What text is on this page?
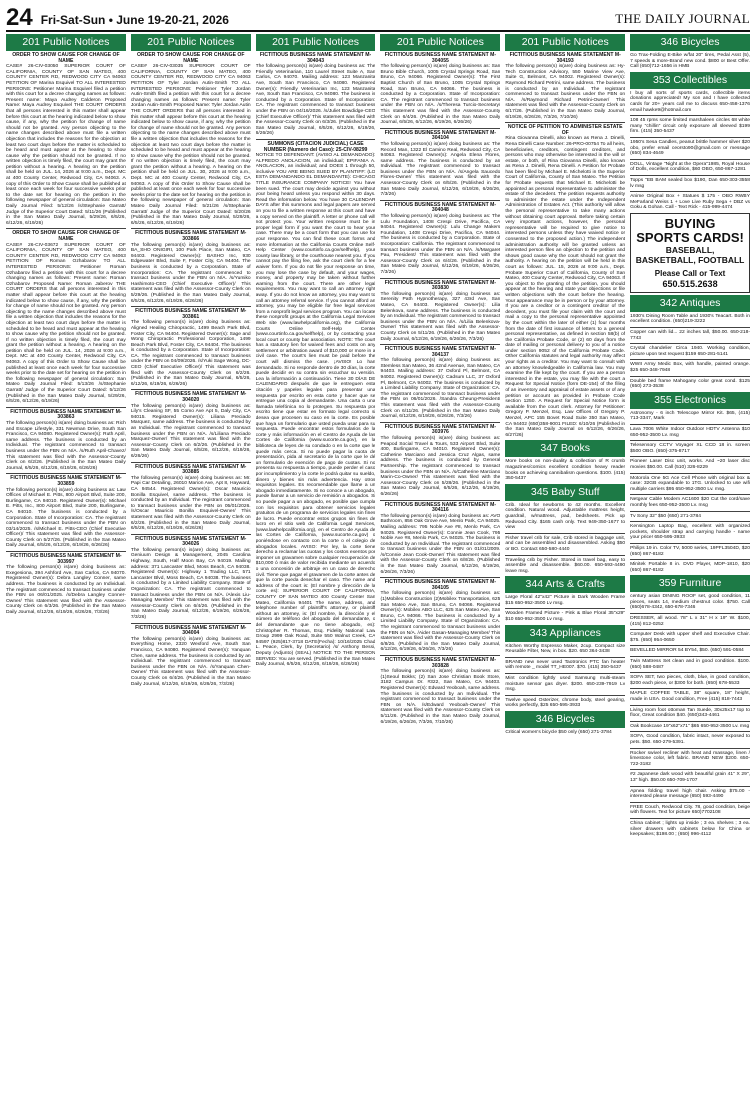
24 Fri-Sat-Sun • June 19-20-21, 2026	THE DAILY JOURNAL
201 Public Notices
ORDER TO SHOW CAUSE FOR CHANGE OF NAME
CASE# 26-CIV-03050 SUPERIOR COURT OF CALIFORNIA, COUNTY OF SAN MATEO, 400 COUNTY CENTER RD, REDWOOD CITY CA 94063 PETITION OF Marina Esquivel TO ALL INTERESTED PERSONS: Petitioner Marina Esquivel filed a petition with this court for a decree changing names as follows: Present name: Maya Audrey Calderon Proposed Name: Maya Audrey Esquivel THE COURT ORDERS that all persons interested in this matter shall appear before this court at the hearing indicated below to show cause, if any, why the petition for change of name should not be granted. Any person objecting to the name changes described above must file a written objection that includes the reasons for the objection at least two court days before the matter is scheduled to be heard and must appear at the hearing to show cause why the petition should not be granted. If no written objection is timely filed, the court may grant the petition without a hearing. A hearing on the petition shall be held on JUL. 14, 2026 at 9:00 a.m., Dept. MC at 400 County Center, Redwood City, CA 94063. A copy of this Order to Show Cause shall be published at least once each week for four successive weeks prior to the date set for hearing on the petition in the following newspaper of general circulation: San Mateo Daily Journal Filed: 5/12/26 /s/Stephanie Garratt/ Judge of the Superior Court Dated: 5/11/26 (Published in the San Mateo Daily Journal, 5/29/26, 6/5/26, 6/12/26, 6/19/26)
ORDER TO SHOW CAUSE FOR CHANGE OF NAME
CASE# 26-CIV-03672 SUPERIOR COURT OF CALIFORNIA, COUNTY OF SAN MATEO, 400 COUNTY CENTER RD, REDWOOD CITY CA 94063 PETITION OF Roman Ozhabarov TO ALL INTERESTED PERSONS: Petitioner Roman Ozhabarov filed a petition with this court for a decree changing names as follows: Present name: Roman Ozhabarov Proposed Name: Roman Jaberov THE COURT ORDERS that all persons interested in this matter shall appear before this court at the hearing indicated below to show cause, if any, why the petition for change of name should not be granted. Any person objecting to the name changes described above must file a written objection that includes the reasons for the objection at least two court days before the matter is scheduled to be heard and must appear at the hearing to show cause why the petition should not be granted. If no written objection is timely filed, the court may grant the petition without a hearing. A hearing on the petition shall be held on JUL. 14, 2026 at 9:00 a.m., Dept. MC at 400 County Center, Redwood City, CA 94063. A copy of this Order to Show Cause shall be published at least once each week for four successive weeks prior to the date set for hearing on the petition in the following newspaper of general circulation: San Mateo Daily Journal Filed: 5/13/26 /s/Stephanie Garratt/ Judge of the Superior Court Dated: 5/12/26 (Published in the San Mateo Daily Journal, 5/29/26, 6/5/26, 6/12/26, 6/19/26)
FICTITIOUS BUSINESS NAME STATEMENT M-303863
The following person(s) is(are) doing business as: Rich and Escape Lifestyle, 331 Newman Drive, South San Francisco, CA 94080. Registered Owner(s): Ruth April, same address. The business is conducted by an Individual. The registrant commenced to transact business under the FBN on N/A. /s/Ruth April-Chavez/ This statement was filed with the Assessor-County Clerk on 6/2/26. (Published in the San Mateo Daily Journal, 6/5/26, 6/12/26, 6/19/26, 6/26/26)
FICTITIOUS BUSINESS NAME STATEMENT M-303859
The following person(s) is(are) doing business as: Law Offices of Michael E. Pitts, 800 Airport Blvd, Suite 200, Burlingame, CA 94010. Registered Owner(s): Michael E. Pitts, Inc., 800 Airport Blvd, Suite 200, Burlingame, CA 94010. The business is conducted by a Corporation. State of Incorporation: CA. The registrant commenced to transact business under the FBN on 03/14/2025. /s/Michael E. Pitts-CEO (Chief Executive Officer)/ This statement was filed with the Assessor-County Clerk on 5/27/26. (Published in the San Mateo Daily Journal, 6/5/26, 6/12/26, 6/19/26, 6/26/26)
FICTITIOUS BUSINESS NAME STATEMENT M-303997
The following person(s) is(are) doing business as: Exegesiona, 394 Ashford Ave, San Carlos, CA 94070. Registered Owner(s): Debra Langley Conner, same address. The business is conducted by an Individual. The registrant commenced to transact business under the FBN on 06/01/2025. /s/Debra Langley Conner-Owner/ This statement was filed with the Assessor-County Clerk on 6/3/26. (Published in the San Mateo Daily Journal, 6/12/26, 6/19/26, 6/26/26, 7/3/26)
201 Public Notices
ORDER TO SHOW CAUSE FOR CHANGE OF NAME
CASE# 26-CIV-03035 SUPERIOR COURT OF CALIFORNIA, COUNTY OF SAN MATEO, 400 COUNTY CENTER RD, REDWOOD CITY CA 94063 PETITION OF Tyler Jordan Autin-Smith TO ALL INTERESTED PERSONS: Petitioner Tyler Jordan Autin-Smith filed a petition with this court for a decree changing names as follows: Present name: Tyler Jordan Autin-Smith Proposed Name: Tyler Jordan Autin THE COURT ORDERS that all persons interested in this matter shall appear before this court at the hearing indicated below to show cause, if any, why the petition for change of name should not be granted. Any person objecting to the name changes described above must file a written objection that includes the reasons for the objection at least two court days before the matter is scheduled to be heard and must appear at the hearing to show cause why the petition should not be granted. If no written objection is timely filed, the court may grant the petition without a hearing. A hearing on the petition shall be held on JUL. 30, 2026 at 9:00 a.m., Dept. MC at 400 County Center, Redwood City, CA 94063. A copy of this Order to Show Cause shall be published at least once each week for four successive weeks prior to the date set for hearing on the petition in the following newspaper of general circulation: San Mateo Daily Journal Filed: 5/21/26 /s/Stephanie Garratt/ Judge of the Superior Court Dated: 5/20/26 (Published in the San Mateo Daily Journal, 5/29/26, 6/5/26, 6/12/26, 6/19/26)
FICTITIOUS BUSINESS NAME STATEMENT M-303866
The following person(s) is(are) doing business as: BA_SHO ONIGIRI, 100 Park Place, San Mateo, CA 94403. Registered Owner(s): BASHO Inc, 930 Edgewater Blvd, Suite F, Foster City, CA 94404. The business is conducted by a Corporation. State of Incorporation: CA. The registrant commenced to transact business under the FBN on N/A. /s/Yumiko Hashimoto-CEO (Chief Executive Officer)/ This statement was filed with the Assessor-County Clerk on 5/29/26. (Published in the San Mateo Daily Journal, 6/5/26, 6/12/26, 6/19/26, 6/26/26)
FICTITIOUS BUSINESS NAME STATEMENT M-303861
The following person(s) is(are) doing business as: Aligned Healing Chiropractic, 1499 Beach Park Blvd, Foster City, CA 94404. Registered Owner(s): Sage and Wong Chiropractic Professional Corporation, 1499 Beach Park Blvd, Foster City, CA 94404. The business is conducted by a Corporation. State of Incorporation: CA. The registrant commenced to transact business under the FBN on 04/09/2026. /s/Yuki Sage Wong, DC-CEO (Chief Executive Officer)/ This statement was filed with the Assessor-County Clerk on 6/2/26. (Published in the San Mateo Daily Journal, 6/5/26, 6/12/26, 6/19/26, 6/26/26)
FICTITIOUS BUSINESS NAME STATEMENT M-304020
The following person(s) is(are) doing business as: Lily's Cleaning SF, 55 Como Ave Apt 5, Daly City, CA 94015. Registered Owner(s): Liliana Preciado Marquez, same address. The business is conducted by an Individual. The registrant commenced to transact business under the FBN on N/A. /s/Liliana Preciado Marquez-Owner/ This statement was filed with the Assessor-County Clerk on 6/2/26. (Published in the San Mateo Daily Journal, 6/5/26, 6/12/26, 6/19/26, 6/26/26)
FICTITIOUS BUSINESS NAME STATEMENT M-303885
The following person(s) is(are) doing business as: Mr. Papi Car Detailing, 26010 Marion Ave, Apt 8, Hayward, CA 94544. Registered Owner(s): Oscar Mauricio Bonilla Esquivel, same address. The business is conducted by an Individual. The registrant commenced to transact business under the FBN on 05/01/2026. /s/Oscar Mauricio Bonilla Esquivel-Owner/ This statement was filed with the Assessor-County Clerk on 6/2/26. (Published in the San Mateo Daily Journal, 6/5/26, 6/12/26, 6/19/26, 6/26/26)
FICTITIOUS BUSINESS NAME STATEMENT M-304026
The following person(s) is(are) doing business as: Geniuum Design & Management, 2045 Carolina Highway, South, Half Moon Bay, CA 94019. Mailing address: 371 Lancaster Blvd, Moss Beach, CA 94038. Registered Owner(s): Highway 1 Trading LLC, 571 Lancaster Blvd, Moss Beach, CA 94038. The business is conducted by a Limited Liability Company. State of Organization: CA. The registrant commenced to transact business under the FBN on N/A. /Alexis Liu-Managing Member/ This statement was filed with the Assessor-County Clerk on 6/4/26. (Published in the San Mateo Daily Journal, 6/12/26, 6/19/26, 6/26/26, 7/3/26)
FICTITIOUS BUSINESS NAME STATEMENT M-304004
The following person(s) is(are) doing business as: Everything Home, 2320 Wexford Ave, South San Francisco, CA 94080. Registered Owner(s): Yanquan Chen, same address. The business is conducted by an Individual. The registrant commenced to transact business under the FBN on N/A. /s/Yanquan Chen-Owner/ This statement was filed with the Assessor-County Clerk on 6/4/26. (Published in the San Mateo Daily Journal, 6/12/26, 6/19/26, 6/26/26, 7/3/26)
201 Public Notices
FICTITIOUS BUSINESS NAME STATEMENT M-304043
The following person(s) is(are) doing business as: The Friendly Veterinarian, 110 Laurel Street Suite A, San Carlos, CA 94070. Mailing address: 123 Manzanita Ave, South San Francisco, CA 94080. Registered Owner(s): Friendly Veterinarian Inc, 123 Manzanita Ave, South San Francisco, CA 94080. The business is conducted by a Corporation. State of Incorporation: CA. The registrant commenced to transact business under the FBN on 04/16/2026. /s/Juliet Bowdidge-CEO (Chief Executive Officer)/ This statement was filed with the Assessor-County Clerk on 6/3/26. (Published in the San Mateo Daily Journal, 6/5/26, 6/12/26, 6/19/26, 6/26/26)
SUMMONS (CITACION JUDICIAL) CASE NUMBER (Numero del Caso): 25-CIV-08299
NOTICE TO DEFENDANT: (AVISO AL DEMANDADO): ALFREDO ANOLACION, an individual; EPIFANIA A. ANOLACION, an individual; and DOES 1 through 50, inclusive YOU ARE BEING SUED BY PLAINTIFF: (LO ESTA DEMANDANDO EL DEMANDANTE): CHICAGO TITLE INSURANCE COMPANY NOTICE! You have been sued. The court may decide against you without your being heard unless you respond within 30 days. Read the information below. You have 30 CALENDAR DAYS after this summons and legal papers are served on you to file a written response at this court and have a copy served on the plaintiff. A letter or phone call will not protect you. Your written response must be in proper legal form if you want the court to hear your case. There may be a court form that you can use for your response. You can find these court forms and more information at the California Courts Online Self-Help Center (www.courtinfo.ca.gov/selfhelp), your county law library, or the courthouse nearest you. If you cannot pay the filing fee, ask the court clerk for a fee waiver form. If you do not file your response on time, you may lose the case by default, and your wages, money, and property may be taken without further warning from the court. There are other legal requirements. You may want to call an attorney right away. If you do not know an attorney, you may want to call an attorney referral service. If you cannot afford an attorney, you may be eligible for free legal services from a nonprofit legal services program. You can locate these nonprofit groups at the California Legal Services Web site (www.lawhelpcalifornia.org), the California Courts Online Self-Help Center (www.courtinfo.ca.gov/selfhelp), or by contacting your local court or county bar association. NOTE: The court has a statutory lien for waived fees and costs on any settlement or arbitration award of $10,000 or more in a civil case. The court's lien must be paid before the court will dismiss the case. ¡AVISO! Lo han demandado. Si no responde dentro de 30 días, la corte puede decidir en su contra sin escuchar su versión. Lea la información a continuación. Tiene 30 DÍAS DE CALENDARIO después de que le entreguen esta citación y papeles legales para presentar una respuesta por escrito en esta corte y hacer que se entregue una copia al demandante. Una carta o una llamada telefónica no lo protegen. Su respuesta por escrito tiene que estar en formato legal correcto si desea que procesen su caso en la corte. Es posible que haya un formulario que usted pueda usar para su respuesta. Puede encontrar estos formularios de la corte y más información en el Centro de Ayuda de las Cortes de California (www.sucorte.ca.gov), en la biblioteca de leyes de su condado o en la corte que le quede más cerca. Si no puede pagar la cuota de presentación, pida al secretario de la corte que le dé un formulario de exención de pago de cuotas. Si no presenta su respuesta a tiempo, puede perder el caso por incumplimiento y la corte le podrá quitar su sueldo, dinero y bienes sin más advertencia. Hay otros requisitos legales. Es recomendable que llame a un abogado inmediatamente. Si no conoce a un abogado, puede llamar a un servicio de remisión a abogados. Si no puede pagar a un abogado, es posible que cumpla con los requisitos para obtener servicios legales gratuitos de un programa de servicios legales sin fines de lucro. Puede encontrar estos grupos sin fines de lucro en el sitio web de California Legal Services, (www.lawhelpcalifornia.org), en el Centro de Ayuda de las Cortes de California, (www.sucorte.ca.gov) o poniéndose en contacto con la corte o el colegio de abogados locales. AVISO: Por ley, la corte tiene derecho a reclamar las cuotas y los costos exentos por imponer un gravamen sobre cualquier recuperación de $10,000 ó más de valor recibida mediante un acuerdo o una concesión de arbitraje en un caso de derecho civil. Tiene que pagar el gravamen de la corte antes de que la corte pueda desechar el caso. The name and address of the court is: (El nombre y dirección de la corte es): SUPERIOR COURT OF CALIFORNIA, COUNTY OF SAN MATEO 400 County Center San Mateo, California 94401 The name, address, and telephone number of plaintiff's attorney, or plaintiff without an attorney, is: (El nombre, la dirección y el número de teléfono del abogado del demandante, o del demandante que no tiene abogado, es): Christopher R. Thomas, Esq. Fidelity National Law Group 2999 Oak Road, Suite 550 Walnut Creek, CA 94597 (925)817-3718 DATE(Fecha): 10/16/2025 Chad L. Peace, Clerk, by (Secretario) /s/ Anthony Bessi, Deputy (Adjunto) (SEAL) NOTICE TO THE PERSON SERVED: You are served. (Published in the San Mateo Daily Journal, 6/5/26, 6/12/26, 6/19/26, 6/26/26)
201 Public Notices
FICTITIOUS BUSINESS NAME STATEMENT M-304055
The following person(s) is(are) doing business as: San Bruno Bible Church, 1005 Crystal Springs Road, San Bruno, CA 94066. Registered Owner(s): The First Baptist Church of San Bruno, 1005 Crystal Springs Road, San Bruno, CA 94066. The business is conducted by a Corporation. State of Incorporation: CA. The registrant commenced to transact business under the FBN on N/A. /s/Theresa Turcio-Secretary/ This statement was filed with the Assessor-County Clerk on 6/4/26. (Published in the San Mateo Daily Journal, 6/5/26, 6/12/26, 6/19/26, 6/26/26)
FICTITIOUS BUSINESS NAME STATEMENT M-304104
The following person(s) is(are) doing business as: The Record Man, 1322 El Camino Real, Redwood City, CA 94063. Registered Owner(s): Angela Elena Flores, same address. The business is conducted by an Individual. The registrant commenced to transact business under the FBN on N/A. /s/Angela Saucedo Flores-Owner/ This statement was filed with the Assessor-County Clerk on 6/5/26. (Published in the San Mateo Daily Journal, 6/12/26, 6/19/26, 6/26/26, 7/3/26)
FICTITIOUS BUSINESS NAME STATEMENT M-304048
The following person(s) is(are) doing business as: The Lulu Foundation, 1408 Crespi Drive, Pacifica, CA 94044. Registered Owner(s): Lulu Change Makers Foundation, 1408 Crespi Drive, Pacifica, CA 94044. The business is conducted by a Corporation. State of Incorporation: California. The registrant commenced to transact business under the FBN on N/A. /s/Margaret Pau, President/ This statement was filed with the Assessor-County Clerk on 6/4/26. (Published in the San Mateo Daily Journal, 6/12/26, 6/19/26, 6/26/26, 7/3/26)
FICTITIOUS BUSINESS NAME STATEMENT M-303830
The following person(s) is(are) doing business as: Serenity Path Hypnotherapy, 327 43rd Ave, San Mateo, CA 94403. Registered Owner(s): Lilia Belenkova, same address. The business is conducted by an Individual. The registrant commenced to transact business under the FBN on N/A. /s/Lilia Belenkova-Owner/ This statement was filed with the Assessor-County Clerk on 5/11/26. (Published in the San Mateo Daily Journal, 6/12/26, 6/19/26, 6/26/26, 7/3/26)
FICTITIOUS BUSINESS NAME STATEMENT M-304137
The following person(s) is(are) doing business as: Stemless San Mateo, 36 42nd Avenue, San Mateo, CA 94403. Mailing address: 37 Oxford Pl, Belmont, CA 94002. Registered Owner(s): Cadsum LLC, 37 Oxford Pl, Belmont, CA 94002. The business is conducted by a Limited Liability Company. State of Organization: CA. The registrant commenced to transact business under the FBN on 06/01/2026. /Sandra Cheung-President/ This statement was filed with the Assessor-County Clerk on 6/11/26. (Published in the San Mateo Daily Journal, 6/12/26, 6/19/26, 6/26/26, 7/3/26)
FICTITIOUS BUSINESS NAME STATEMENT M-303976
The following person(s) is(are) doing business as: Peapod Social Travel & Tours, 533 Airport Blvd, Suite 400, Burlingame, CA 94010. Registered Owner(s): Catherine Marciano and Jessica Cruz Algas, same address. The business is conducted by General Partnership. The registrant commenced to transact business under the FBN on N/A. /s/Catherine Marciano Marin-Co-Owner/ This statement was filed with the Assessor-County Clerk on 5/28/26. (Published in the San Mateo Daily Journal, 6/5/26, 6/12/26, 6/19/26, 6/26/26)
FICTITIOUS BUSINESS NAME STATEMENT M-304116
The following person(s) is(are) doing business as: AVO Bathroom, 856 Oak Grove Ave, Menlo Park, CA 94025. Mailing address: 795 Noble Ave #8, Menlo Park, CA 94025. Registered Owner(s): Connie Jean Cook, 795 Noble Ave #8, Menlo Park, CA 94025. The business is conducted by an Individual. The registrant commenced to transact business under the FBN on 01/01/2009. /s/Connie Jean Cook-Owner/ This statement was filed with the Assessor-County Clerk on 6/8/26. (Published in the San Mateo Daily Journal, 6/12/26, 6/19/26, 6/26/26, 7/3/26)
FICTITIOUS BUSINESS NAME STATEMENT M-304105
The following person(s) is(are) doing business as: (1)Mobilex Construction (2)Mobilex Transportation, 625 San Mateo Ave, San Bruno, CA 94066. Registered Owner(s): Mobilex ABO LLC, 625 San Mateo Ave, San Bruno, CA 94066. The business is conducted by a Limited Liability Company. State of Organization: CA. The registrant commenced to transact business under the FBN on N/A. /Aider Gasan-Managing Member/ This statement was filed with the Assessor-County Clerk on 6/8/26. (Published in the San Mateo Daily Journal, 6/12/26, 6/19/26, 6/26/26, 7/3/26)
FICTITIOUS BUSINESS NAME STATEMENT M-303828
The following person(s) is(are) doing business as: (1)Seoul Bokks; (2) San Jose Christian Book Store, 3182 Campus Dr. #322, San Mateo, CA 94403. Registered Owner(s): Edward Yeoboah, same address. The business is conducted by an Individual. The registrant commenced to transact business under the FBN on N/A. /s/Edward Yeoboah-Owner/ This statement was filed with the Assessor-County Clerk on 5/11/26. (Published in the San Mateo Daily Journal, 6/19/26, 6/26/26, 7/3/26, 7/10/26)
201 Public Notices
FICTITIOUS BUSINESS NAME STATEMENT M-304193
The following person(s) is(are) doing business as: Hy-Tech Construction Advisory, 550 Marine View Ave, Suite G, Belmont, CA 94002. Registered Owner(s): Raymond Richard Petrini, same address. The business is conducted by an Individual. The registrant commenced to transact business under the FBN on N/A. /s/Raymond Richard Petrini-Owner/ This statement was filed with the Assessor-County Clerk on 6/17/26. (Published in the San Mateo Daily Journal, 6/19/26, 6/26/26, 7/3/26, 7/10/26)
NOTICE OF PETITION TO ADMINISTER ESTATE OF
Rina Giovanna Dinelli, also known as Rena J. Dinelli, Rena Dinelli Case Number: 26-PRO-00754 To all heirs, beneficiaries, creditors, contingent creditors, and persons who may otherwise be interested in the will or estate, or both, of Rina Giovanna Dinelli, also known as Rena J. Dinelli, Rena Dinelli. A Petition for Probate has been filed by Michael E. Michelotti in the Superior Court of California, County of San Mateo. The Petition for Probate requests that Michael E. Michelotti be appointed as personal representative to administer the estate of the decedent. The petition requests authority to administer the estate under the Independent Administration of Estates Act. (This authority will allow the personal representative to take many actions without obtaining court approval. Before taking certain very important actions, however, the personal representative will be required to give notice to interested persons unless they have waived notice or consented to the proposed action.) The independent administration authority will be granted unless an interested person files an objection to the petition and shows good cause why the court should not grant the authority. A hearing on the petition will be held in this court as follows: JUL. 15, 2026 at 9:00 a.m., Dept. Probate Superior Court of California, County of San Mateo, 400 County Center, Redwood City, CA 94063. If you object to the granting of the petition, you should appear at the hearing and state your objections or file written objections with the court before the hearing. Your appearance may be in person or by your attorney. If you are a creditor or a contingent creditor of the decedent, you must file your claim with the court and mail a copy to the personal representative appointed by the court within the later of either (1) four months from the date of first issuance of letters to a general personal representative, as defined in section 58(b) of the California Probate Code, or (2) 60 days from the date of mailing or personal delivery to you of a notice under section 9052 of the California Probate Code. Other California statutes and legal authority may affect your rights as a creditor. You may want to consult with an attorney knowledgeable in California law. You may examine the file kept by the court. If you are a person interested in the estate, you may file with the court a Request for Special Notice (form DE-154) of the filing of an inventory and appraisal of estate assets or of any petition or account as provided in Probate Code section 1250. A Request for Special Notice form is available from the court clerk. Attorney for Petitioner: Gregory P. Menzel, Esq. Law Offices of Gregory P. Menzel, APC 155 Bovet Road Suite 350 San Mateo, CA 94402 (650)358-9001 FILED: 6/10/26 (Published in the San Mateo Daily Journal on 6/12/26, 6/26/26, 6/27/26)
347 Books
More books on non-duality & collection of R crumb magazines/comics excellent condition heavy reader books on achieving cannibalism questions. $100. (415) 350-5437
345 Baby Stuff
Crib. Ideal for newborns to 42 months. Excellent condition. Natural wood. Adjustable mattress height, guardrail, w/mattress, pad, bedsheets. Pick up Redwood City. $165 cash only. Text 949-350-1677 to view
Fisher travel crib for sale, Crib stored in baggage unit, and can be assembled and disassembled. Asking $50 or BO. Contact 650-580-4440
Traveling crib by Fisher. Stored in travel bag, easy to assemble and disassemble. $60.00. 650-593-4490 leave msg.
344 Arts & Crafts
Large Floral 42"x42" Picture in Dark Wooden Frame $15 650-952-3500 Lv msg.
Wooden Framed Picture - Pink & Blue Floral 35"x29" $10 650-952-3500 Lv msg.
343 Appliances
Kitchen Worthy Espresso Maker, 2cup. Compact size Reusable Filter, New, in box. $20. 650 364-3438
BRAND new never used Taotronics PTC fan heater with remote _ model TT_HE007. $70. (415) 350-5437
Mint condition lightly used Samsung multi-steam moisture sensor gas dryer. $200. 650-239-7919 Lv msg.
Twelve speed Osterizer, chrome body, steel gearing, works perfectly, $25 650-595-3933
346 Bicycles
Critical women's bicycle $50 only (650) 271-3784
346 Bicycles
Go Trax-Folding E-Bike w/fat 20" tires, Pedal Asst (5), 7 speeds & more-Brand new cond. $800 or Best Offer. Call (650)712-1656 in HMB
353 Collectibles
I buy all sorts of sports cards, collectible items donations appreciated! My son and I have collected cards for 20+ years call me to discuss 650-458-1376 email hawke9@hotmail.com
108 45 rpms some limited marshaleen circles 68 white many "chillin" circuit only exposure all sleeved $199 firm. (415) 350-5437
1950's Sesa Candles, peanut brittle hammer silver $20 obo, prefer email ceorsto90@gmail.com or message (650) 834-4649
DOLL, Vintage "Night at the Opera"1985, Royal House of Dolls, excellent condition, $60 OBO, 650-867-1281
Topps "EB BAM sealed box $190, Dan 650-303-3558 lv msg
Anime Original Box + Statues $ 175 - OBO RWBY MeFarland Weiss 1 + Love Live Ruby Sega + DBZ vs Goku & Gohan. Call - Text Rick - 415-999-4474
BUYING
SPORTS CARDS!
BASEBALL,
BASKETBALL, FOOTBALL
Please Call or Text
650.515.2638
342 Antiques
1930's Dining Room Table and 1930's Teacart. Both in excellent condition. (650)219-3222
Copper can with lid... 22 inches tall, $50.00. 650-218-7743
Crystal chandelier Circa 1940. Working condition, picture upon text request $159 650-281-5141
WWII Army Medic Box, with handle, painted orange. $25 650-348-7948
Double bed frame Mahogany color great cond. $125 (650) 273-3538
355 Electronics
Astronomy - 6 inch Telescope Mirror Kit. $65, (415) 713-3347, Mark
Lava 7006 White Indoor Outdoor HDTV Antenna $10 650-952-3500 Lv. msg
Telesensory CCTV Voyager XL CCD 18 in. screen $500 OBO. (650)-375-8717
Pioneer Laser Disc unit, works. And ~20 laser disc movies $50.00. Call (510) 326-8229
Motorola One 5G Ace Cell Phone with original box & case: 32GB expandable to 1TG. Unlocked to use wifi multiple carriers $95 650-952-3500 Lv. msg.
Netgear Cable Modem AC1600 $20 Cut the cord/save monthly fees 650-952-3500 Lv. msg
Tv Sony 32" $50 (650) 271-3784
Kensington Laptop Bag, excellent with organized pockets, shoulder strap and carrying handle - name your price! 650-595-3933
Philips 19 in. Color TV, 5000 series, 19PFL3504D, $20 (650) 867-8182
Minitek Portable 8 in. DVD Player, MDP-1810, $20 (650) 867-8182
359 Furniture
century asian DINING ROOF set, good condition, 11 pieces, seats 14, medium chestnut color. $750. Call (650)678-4342, 650-678-7346
DRESSER, all wood. 78" L x 31" H x 19" W. $100, (415) 812-0252
Computer Desk with upper shelf and Executive Chair. $75. (650) 954-0650
BEVELLED MIRROR 54 BY54, $50. (650) 591-0584
Twin Mattress Set clean and in good condition. $100.(650) 588-0487
SOFA SET, two pieces, cloth, blue, in good condition, $200 each piece, or $300 for both. (650) 678-5533
MAPLE COFFEE TABLE, 38" square, 18" height, made in USA. Good condition, Free (415) 818-7443
Living room foot ottoman Tan Suede, 30x25x17 top to floor, Great condition $40. (650)343-4461
Oak Bookcase 19"x62"x71" $65 650-952-3500 Lv. msg
SOFA, Good condition, fabric intact, never exposed to pets. $50. 650-279-5391.
Rocker swivel recliner with heat and massage, linen / limestone color, left fabric. BRAND NEW $200. 650-722-3182
#2 Japanese dark wood with beautiful grain 41" X 29", 13" high. $50.00 650-709-1707
Apnea folding travel high chair. Asking $75.00 - interested please message (650) 593-4490
FREE Couch, Redwood City. 78, good condition, beige with flowers. Text for picture 650)7702108
China cabinet ; lights up inside ; 3 ea. shelves ; 3 ea. silver drawers with cabinets below for China or keepsakes; $198.00 ; (650) 996-4112
